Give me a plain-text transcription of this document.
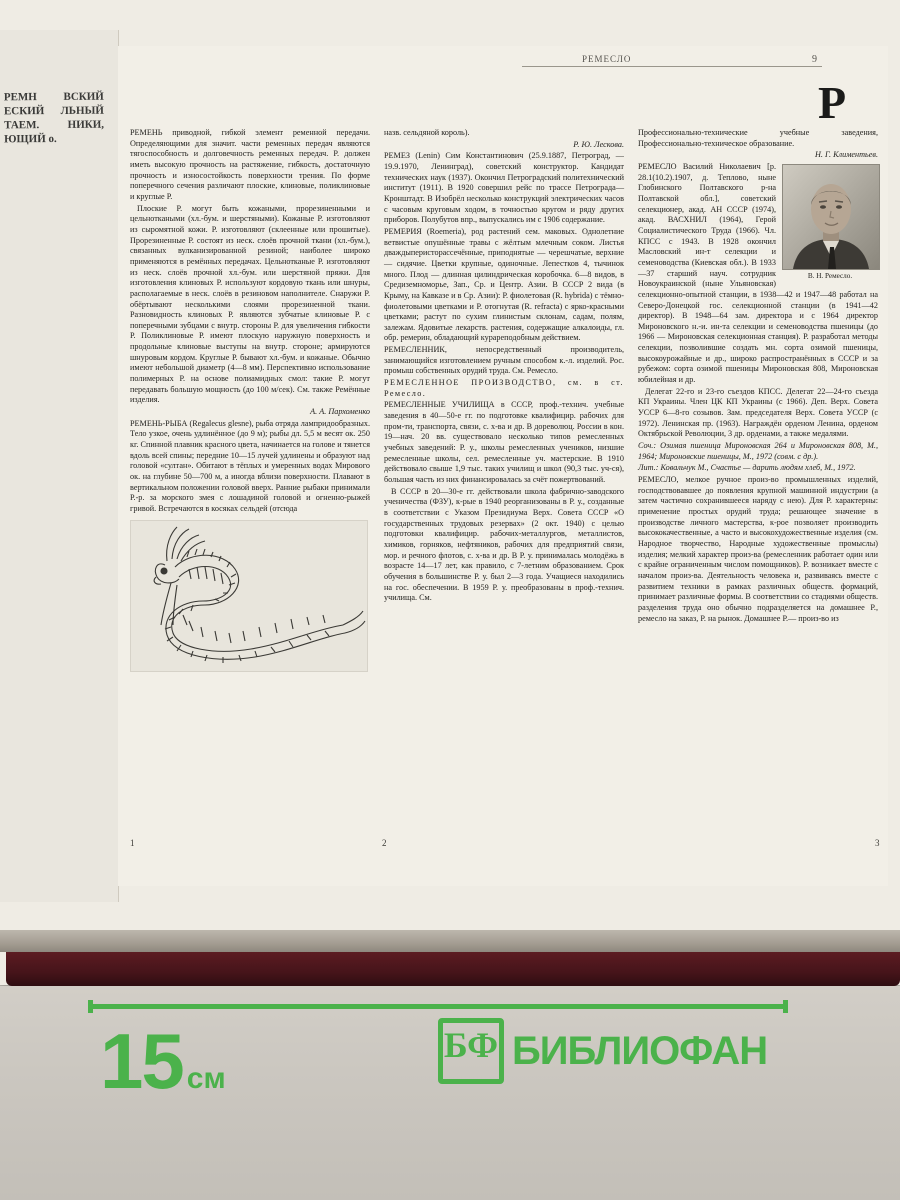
РЕМН ВСКИЙ ЕСКИЙ ЛЬНЫЙ ТАЕМ. НИКИ, ЮЩИЙ о.
РЕМЕСЛО	9
Р

РЕМЕНЬ приводной, гибкой элемент ременной передачи. Определяющими для значит. части ременных передач являются тягоспособность и долговечность ременных передач. Р. должен иметь высокую прочность на растяжение, гибкость, достаточную прочность и износостойкость поверхности трения. По форме поперечного сечения различают плоские, клиновые, поликлиновые и круглые Р.

Плоские Р. могут быть кожаными, прорезиненными и цельноткаными (хл.-бум. и шерстяными). Кожаные Р. изготовляют из сыромятной кожи. Р. изготовляют (склеенные или прошитые). Прорезиненные Р. состоят из неск. слоёв прочной ткани (хл.-бум.), связанных вулканизированной резиной; наиболее широко применяются в ремённых передачах. Цельнотканые Р. изготовляют из неск. слоёв прочной хл.-бум. или шерстяной пряжи. Для изготовления клиновых Р. используют кордовую ткань или шнуры, располагаемые в неск. слоёв в резиновом наполнителе. Снаружи Р. обёртывают несколькими слоями прорезиненной ткани. Разновидность клиновых Р. являются зубчатые клиновые Р. с поперечными зубцами с внутр. стороны Р. для увеличения гибкости Р. Поликлиновые Р. имеют плоскую наружную поверхность и продольные клиновые выступы на внутр. стороне; армируются шнуровым кордом. Круглые Р. бывают хл.-бум. и кожаные. Обычно имеют небольшой диаметр (4—8 мм). Перспективно использование полимерных Р. на основе полиамидных смол: такие Р. могут передавать большую мощность (до 100 м/сек). См. также Ремённые изделия.

А. А. Пархоменко

РЕМЕНЬ-РЫБА (Regalecus glesne), рыба отряда лампридообразных. Тело узкое, очень удлинённое (до 9 м); рыбы дл. 5,5 м весят ок. 250 кг. Спинной плавник красного цвета, начинается на голове и тянется вдоль всей спины; передние 10—15 лучей удлинены и образуют над головой «султан». Обитают в тёплых и умеренных водах Мирового ок. на глубине 50—700 м, а иногда вблизи поверхности. Плавают в вертикальном положении головой вверх. Ранние рыбаки принимали Р.-р. за морского змея с лошадиной головой и огненно-рыжей гривой. Встречаются в косяках сельдей (отсюда

назв. сельдяной король).

Р. Ю. Лескова.

РЕМЕЗ (Lenin) Сим Константинович (25.9.1887, Петроград, — 19.9.1970, Ленинград), советский конструктор. Кандидат технических наук (1937). Окончил Петроградский политехнический институт (1911). В 1920 совершил рейс по трассе Петрограда—Кронштадт. В Изобрёл несколько конструкций электрических часов с часовым круговым ходом, в точностью кругом и ряду других приборов. Полубутов впр., выпускались им с 1906 содержание.

РЕМЕРИЯ (Roemeria), род растений сем. маковых. Однолетние ветвистые опушённые травы с жёлтым млечным соком. Листья дваждыперисторассечённые, приподнятые — черешчатые, верхние — сидячие. Цветки крупные, одиночные. Лепестков 4, тычинок много. Плод — длинная цилиндрическая коробочка. 6—8 видов, в Средиземноморье, Зап., Ср. и Центр. Азии. В СССР 2 вида (в Крыму, на Кавказе и в Ср. Азии): Р. фиолетовая (R. hybrida) с тёмно-фиолетовыми цветками и Р. отогнутая (R. refracta) с ярко-красными цветками; растут по сухим глинистым склонам, садам, полям, залежам. Ядовитые лекарств. растения, содержащие алкалоиды, гл. обр. ремерин, обладающий курареподобным действием.

РЕМЕСЛЕННИК, непосредственный производитель, занимающийся изготовлением ручным способом к.-л. изделий. Рос. промыш собственных орудий труда. См. Ремесло.

РЕМЕСЛЕННОЕ ПРОИЗВОДСТВО, см. в ст. Ремесло.

РЕМЕСЛЕННЫЕ УЧИЛИЩА в СССР, проф.-технич. учебные заведения в 40—50-е гг. по подготовке квалифицир. рабочих для пром-ти, транспорта, связи, с. х-ва и др. В дореволюц. России в кон. 19—нач. 20 вв. существовало несколько типов ремесленных учебных заведений: Р. у., школы ремесленных учеников, низшие ремесленные школы, сел. ремесленные уч. мастерские. В 1910 действовало свыше 1,9 тыс. таких училищ и школ (90,3 тыс. уч-ся), большая часть из них финансировалась за счёт пожертвований.

В СССР в 20—30-е гг. действовали школа фабрично-заводского ученичества (ФЗУ), к-рые в 1940 реорганизованы в Р. у., созданные в соответствии с Указом Президиума Верх. Совета СССР «О государственных трудовых резервах» (2 окт. 1940) с целью подготовки квалифицир. рабочих-металлургов, металлистов, химиков, горняков, нефтяников, рабочих для предприятий связи, мор. и речного флотов, с. х-ва и др. В Р. у. принималась молодёжь в возрасте 14—17 лет, как правило, с 7-летним образованием. Срок обучения в большинстве Р. у. был 2—3 года. Учащиеся находились на гос. обеспечении. В 1959 Р. у. преобразованы в проф.-технич. училища. См.

Профессионально-технические учебные заведения, Профессионально-техническое образование.

Н. Г. Климентьев.

В. Н. Ремесло.

РЕМЕСЛО Василий Николаевич [р. 28.1(10.2).1907, д. Теплово, ныне Глобинского Полтавского р-на Полтавской обл.], советский селекционер, акад. АН СССР (1974), акад. ВАСХНИЛ (1964), Герой Социалистического Труда (1966). Чл. КПСС с 1943. В 1928 окончил Масловский ин-т селекции и семеноводства (Киевская обл.). В 1933—37 старший науч. сотрудник Новоукраинской (ныне Ульяновская) селекционно-опытной станции, в 1938—42 и 1947—48 работал на Северо-Донецкой гос. селекционной станции (в 1941—42 директор). В 1948—64 зам. директора и с 1964 директор Мироновского н.-и. ин-та селекции и семеноводства пшеницы (до 1966 — Мироновская селекционная станция). Р. разработал методы селекции, позволившие создать мн. сорта озимой пшеницы, высокоурожайные и др., широко распространённых в СССР и за рубежом: сорта озимой пшеницы Мироновская 808, Мироновская юбилейная и др.

Делегат 22-го и 23-го съездов КПСС. Делегат 22—24-го съезда КП Украины. Член ЦК КП Украины (с 1966). Деп. Верх. Совета УССР 6—8-го созывов. Зам. председателя Верх. Совета УССР (с 1972). Ленинская пр. (1963). Награждён орденом Ленина, орденом Октябрьской Революции, 3 др. орденами, а также медалями.

Соч.: Озимая пшеница Мироновская 264 и Мироновская 808, М., 1964; Мироновские пшеницы, М., 1972 (совм. с др.).

Лит.: Ковальчук М., Счастье — дарить людям хлеб, М., 1972.

РЕМЕСЛО, мелкое ручное произ-во промышленных изделий, господствовавшее до появления крупной машинной индустрии (а затем частично сохранившееся наряду с нею). Для Р. характерны: применение простых орудий труда; решающее значение в производстве личного мастерства, к-рое позволяет производить высококачественные, а часто и высокохудожественные изделия (см. Народное творчество, Народные художественные промыслы) изделия; мелкий характер произ-ва (ремесленник работает один или с крайне ограниченным числом помощников). Р. возникает вместе с началом произ-ва. Деятельность человека и, развиваясь вместе с развитием техники в рамках различных обществ. формаций, принимает различные формы. В соответствии со стадиями обществ. разделения труда оно обычно подразделяется на домашнее Р., ремесло на заказ, Р. на рынок. Домашнее Р.— произ-во из

1	2	3
15 см
БФ БИБЛИОФАН
